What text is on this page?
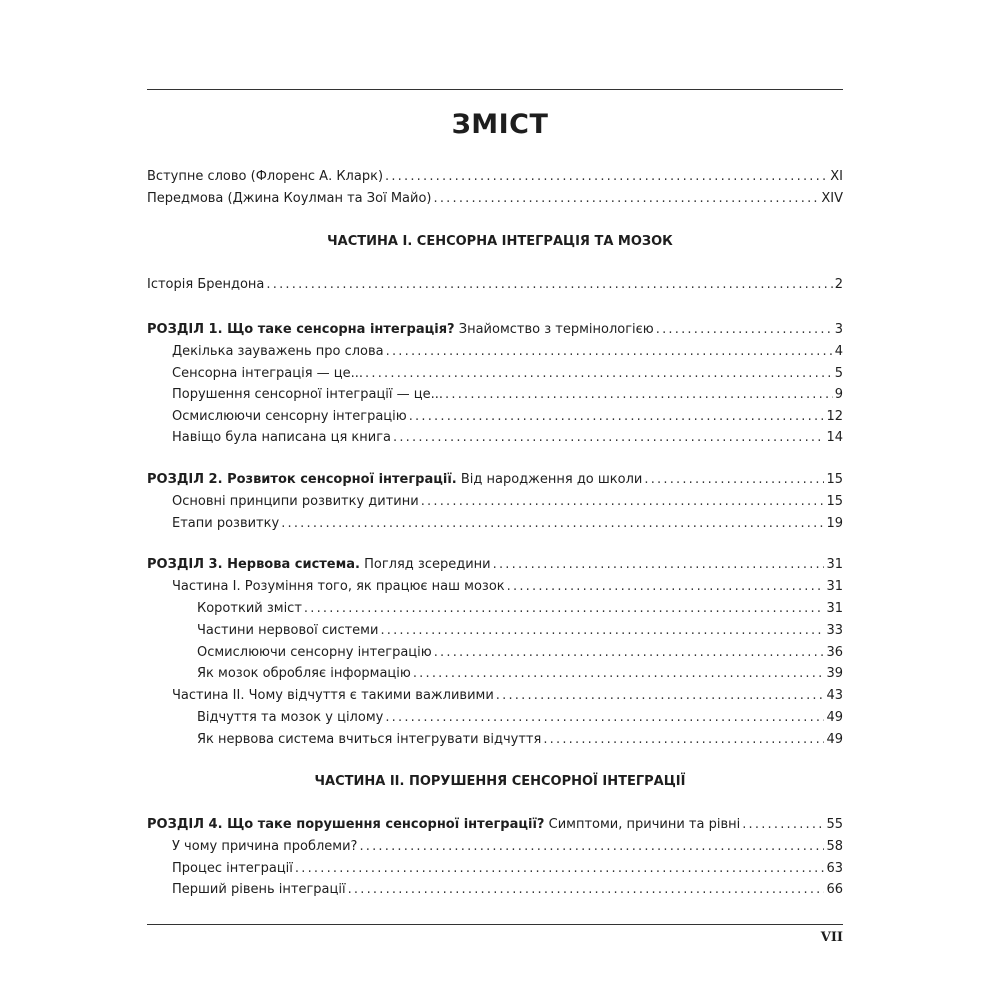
ЗМІСТ
Вступне слово (Флоренс А. Кларк) .....	XI
Передмова (Джина Коулман та Зої Майо) .....	XIV
ЧАСТИНА I. СЕНСОРНА ІНТЕГРАЦІЯ ТА МОЗОК
Історія Брендона .....	2
РОЗДІЛ 1. Що таке сенсорна інтеграція? Знайомство з термінологією .....	3
Декілька зауважень про слова .....	4
Сенсорна інтеграція — це... .....	5
Порушення сенсорної інтеграції — це... .....	9
Осмислюючи сенсорну інтеграцію .....	12
Навіщо була написана ця книга .....	14
РОЗДІЛ 2. Розвиток сенсорної інтеграції. Від народження до школи .....	15
Основні принципи розвитку дитини .....	15
Етапи розвитку .....	19
РОЗДІЛ 3. Нервова система. Погляд зсередини .....	31
Частина I. Розуміння того, як працює наш мозок .....	31
Короткий зміст .....	31
Частини нервової системи .....	33
Осмислюючи сенсорну інтеграцію .....	36
Як мозок обробляє інформацію .....	39
Частина II. Чому відчуття є такими важливими .....	43
Відчуття та мозок у цілому .....	49
Як нервова система вчиться інтегрувати відчуття .....	49
ЧАСТИНА II. ПОРУШЕННЯ СЕНСОРНОЇ ІНТЕГРАЦІЇ
РОЗДІЛ 4. Що таке порушення сенсорної інтеграції? Симптоми, причини та рівні .....	55
У чому причина проблеми? .....	58
Процес інтеграції .....	63
Перший рівень інтеграції .....	66
VII
